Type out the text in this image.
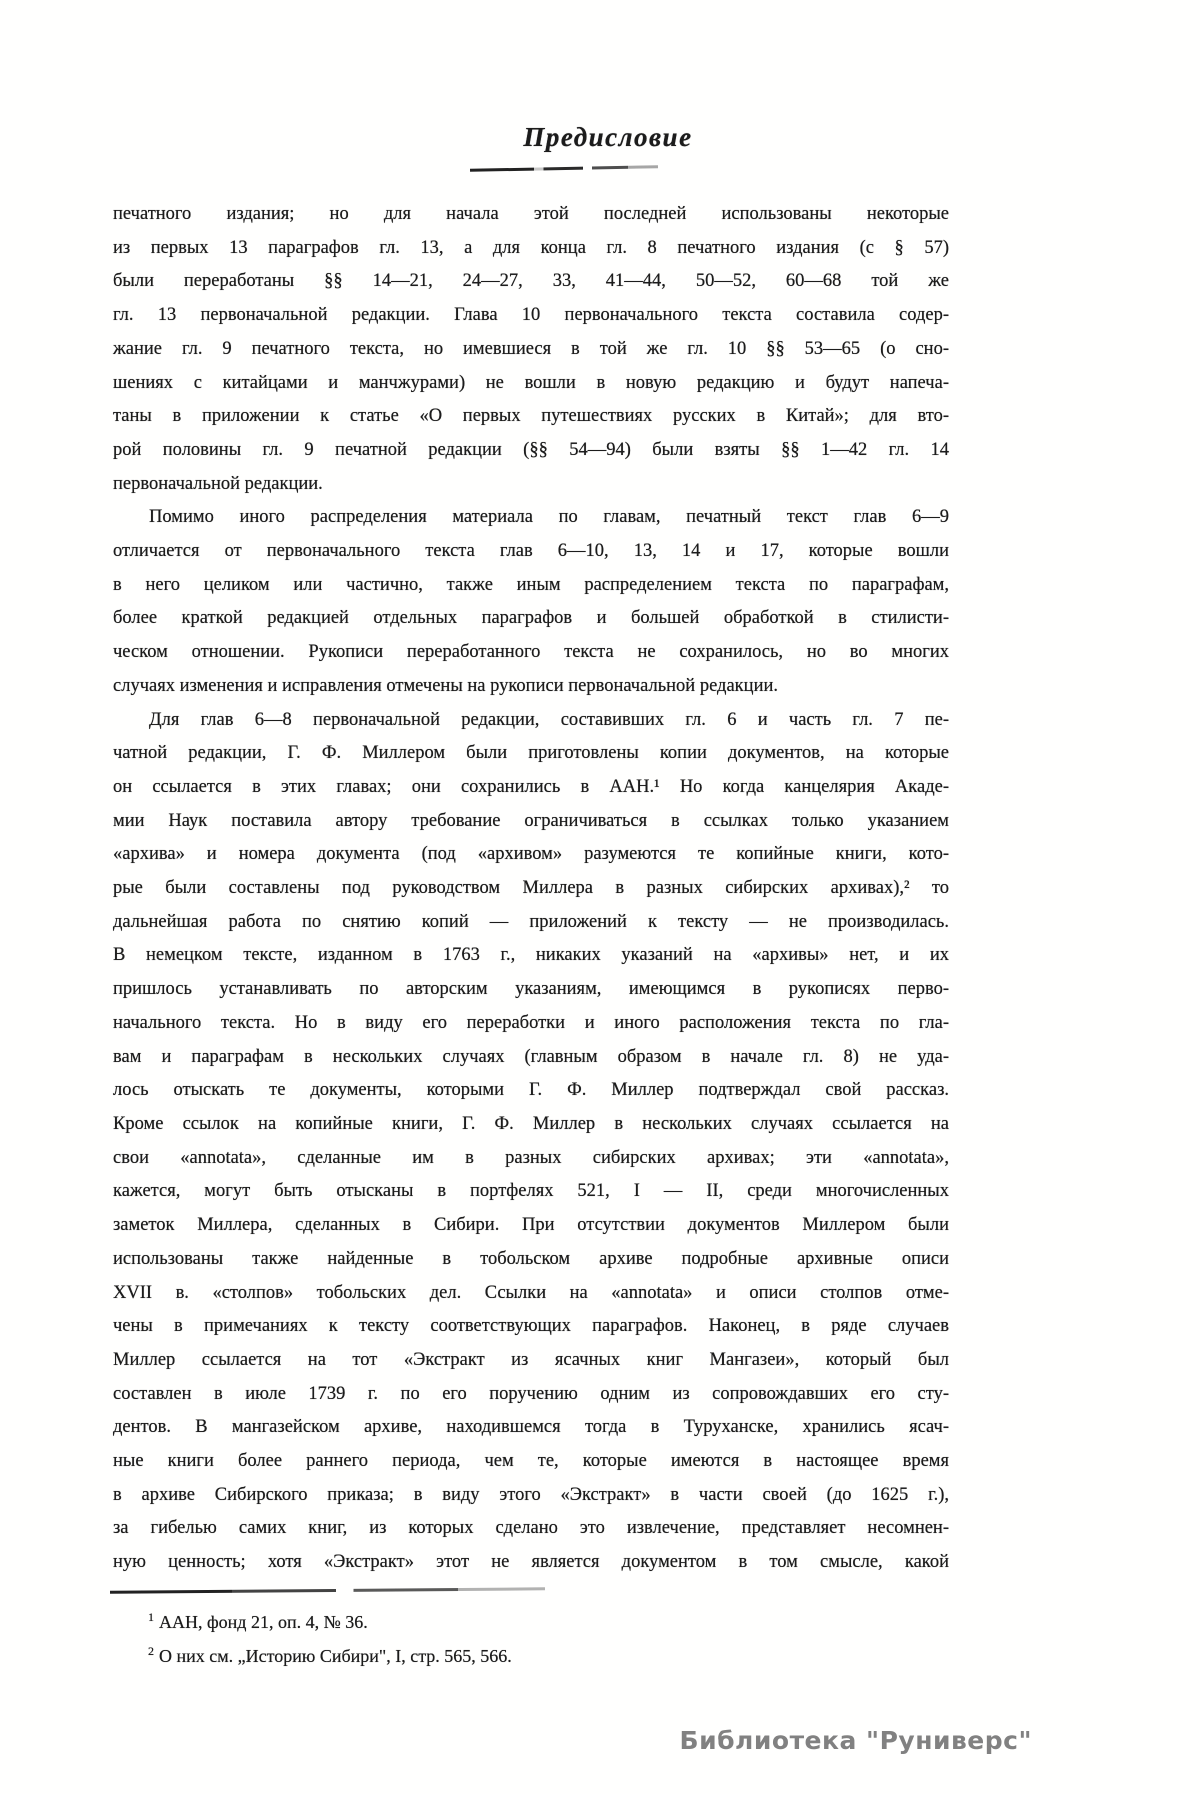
Предисловие
печатного издания; но для начала этой последней использованы некоторые
из первых 13 параграфов гл. 13, а для конца гл. 8 печатного издания (с § 57)
были переработаны §§ 14—21, 24—27, 33, 41—44, 50—52, 60—68 той же
гл. 13 первоначальной редакции. Глава 10 первоначального текста составила содер-
жание гл. 9 печатного текста, но имевшиеся в той же гл. 10 §§ 53—65 (о сно-
шениях с китайцами и манчжурами) не вошли в новую редакцию и будут напеча-
таны в приложении к статье «О первых путешествиях русских в Китай»; для вто-
рой половины гл. 9 печатной редакции (§§ 54—94) были взяты §§ 1—42 гл. 14
первоначальной редакции.
Помимо иного распределения материала по главам, печатный текст глав 6—9
отличается от первоначального текста глав 6—10, 13, 14 и 17, которые вошли
в него целиком или частично, также иным распределением текста по параграфам,
более краткой редакцией отдельных параграфов и большей обработкой в стилисти-
ческом отношении. Рукописи переработанного текста не сохранилось, но во многих
случаях изменения и исправления отмечены на рукописи первоначальной редакции.
Для глав 6—8 первоначальной редакции, составивших гл. 6 и часть гл. 7 пе-
чатной редакции, Г. Ф. Миллером были приготовлены копии документов, на которые
он ссылается в этих главах; они сохранились в ААН.¹ Но когда канцелярия Акаде-
мии Наук поставила автору требование ограничиваться в ссылках только указанием
«архива» и номера документа (под «архивом» разумеются те копийные книги, кото-
рые были составлены под руководством Миллера в разных сибирских архивах),² то
дальнейшая работа по снятию копий — приложений к тексту — не производилась.
В немецком тексте, изданном в 1763 г., никаких указаний на «архивы» нет, и их
пришлось устанавливать по авторским указаниям, имеющимся в рукописях перво-
начального текста. Но в виду его переработки и иного расположения текста по гла-
вам и параграфам в нескольких случаях (главным образом в начале гл. 8) не уда-
лось отыскать те документы, которыми Г. Ф. Миллер подтверждал свой рассказ.
Кроме ссылок на копийные книги, Г. Ф. Миллер в нескольких случаях ссылается на
свои «annotata», сделанные им в разных сибирских архивах; эти «annotata»,
кажется, могут быть отысканы в портфелях 521, I — II, среди многочисленных
заметок Миллера, сделанных в Сибири. При отсутствии документов Миллером были
использованы также найденные в тобольском архиве подробные архивные описи
XVII в. «столпов» тобольских дел. Ссылки на «annotata» и описи столпов отме-
чены в примечаниях к тексту соответствующих параграфов. Наконец, в ряде случаев
Миллер ссылается на тот «Экстракт из ясачных книг Мангазеи», который был
составлен в июле 1739 г. по его поручению одним из сопровождавших его сту-
дентов. В мангазейском архиве, находившемся тогда в Туруханске, хранились ясач-
ные книги более раннего периода, чем те, которые имеются в настоящее время
в архиве Сибирского приказа; в виду этого «Экстракт» в части своей (до 1625 г.),
за гибелью самих книг, из которых сделано это извлечение, представляет несомнен-
ную ценность; хотя «Экстракт» этот не является документом в том смысле, какой
$^1$ ААН, фонд 21, оп. 4, № 36.
$^2$ О них см. „Историю Сибири", I, стр. 565, 566.
Библиотека "Руниверс"
